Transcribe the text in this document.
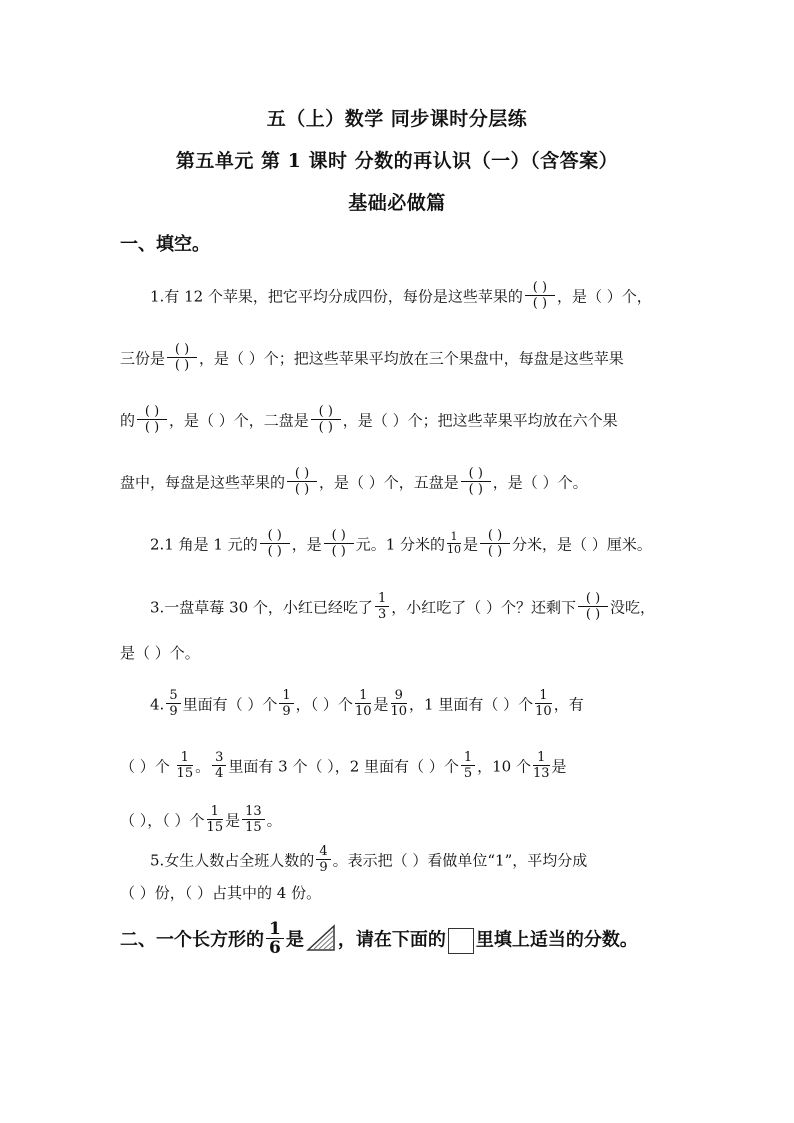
五（上）数学 同步课时分层练
第五单元 第 1 课时 分数的再认识（一）（含答案）
基础必做篇
一、填空。
1.有 12 个苹果，把它平均分成四份，每份是这些苹果的 $\frac{( )}{( )}$ ，是（ ）个，
三份是 $\frac{( )}{( )}$ ，是（ ）个；把这些苹果平均放在三个果盘中，每盘是这些苹果
的 $\frac{( )}{( )}$ ，是（ ）个，二盘是 $\frac{( )}{( )}$ ，是（ ）个；把这些苹果平均放在六个果
盘中，每盘是这些苹果的 $\frac{( )}{( )}$ ，是（ ）个，五盘是 $\frac{( )}{( )}$ ，是（ ）个。
2.1 角是 1 元的 $\frac{( )}{( )}$ ，是 $\frac{( )}{( )}$ 元。1 分米的 $\frac{1}{10}$ 是 $\frac{( )}{( )}$ 分米，是（ ）厘米。
3.一盘草莓 30 个，小红已经吃了 $\frac{1}{3}$ ，小红吃了（ ）个？还剩下 $\frac{( )}{( )}$ 没吃，
是（ ）个。
4. $\frac{5}{9}$ 里面有（ ）个 $\frac{1}{9}$ ，（ ）个 $\frac{1}{10}$ 是 $\frac{9}{10}$ ，1 里面有（ ）个 $\frac{1}{10}$ ，有
（ ）个 $\frac{1}{15}$ 。 $\frac{3}{4}$ 里面有 3 个（ ），2 里面有（ ）个 $\frac{1}{5}$ ，10 个 $\frac{1}{13}$ 是
（ ），（ ）个 $\frac{1}{15}$ 是 $\frac{13}{15}$ 。
5.女生人数占全班人数的 $\frac{4}{9}$ 。表示把（ ）看做单位“1”，平均分成
（ ）份，（ ）占其中的 4 份。
二、一个长方形的 $\frac{1}{6}$ 是 ，请在下面的 里填上适当的分数。
